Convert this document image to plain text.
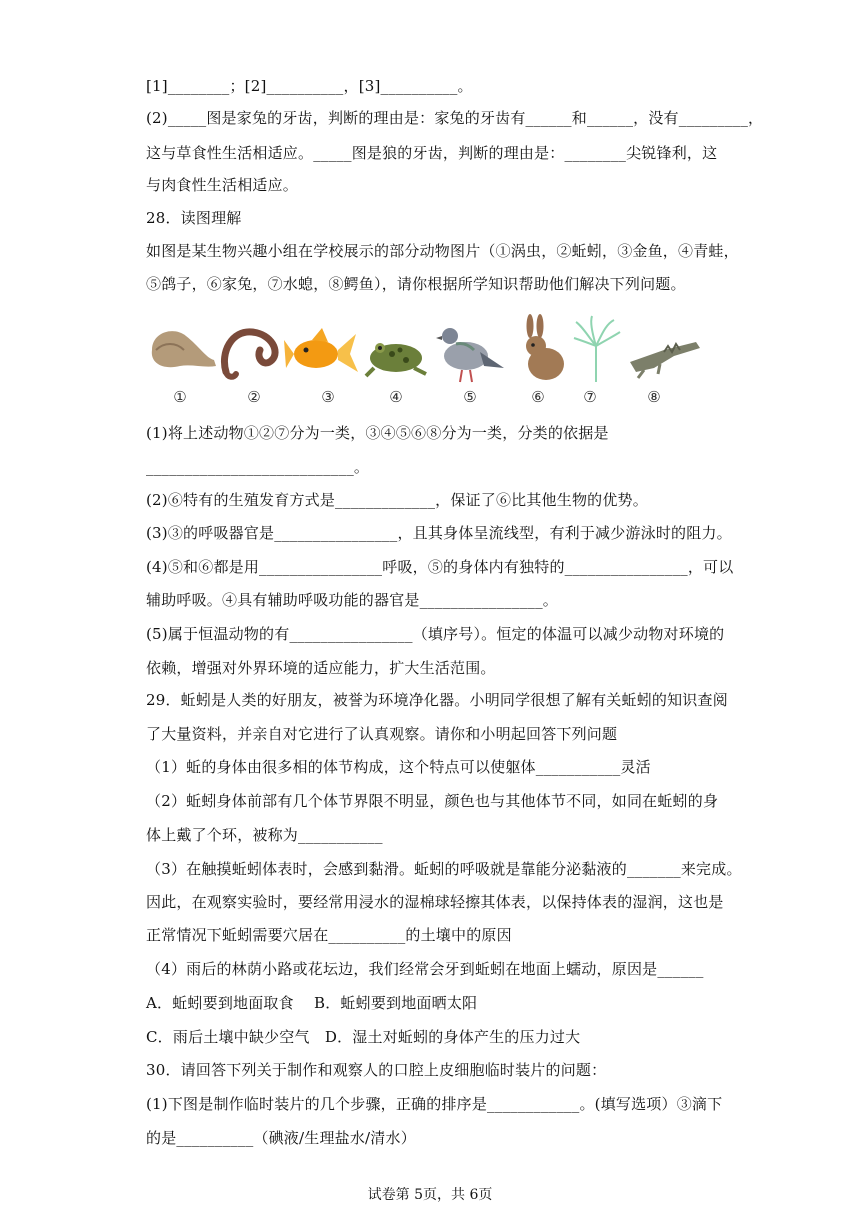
[1]________；[2]__________，[3]__________。
(2)_____图是家兔的牙齿，判断的理由是：家兔的牙齿有______和______，没有_________，
这与草食性生活相适应。_____图是狼的牙齿，判断的理由是：________尖锐锋利，这
与肉食性生活相适应。
28．读图理解
如图是某生物兴趣小组在学校展示的部分动物图片（①涡虫，②蚯蚓，③金鱼，④青蛙，
⑤鸽子，⑥家兔，⑦水螅，⑧鳄鱼），请你根据所学知识帮助他们解决下列问题。
①	②	③	④	⑤	⑥	⑦	⑧
(1)将上述动物①②⑦分为一类，③④⑤⑥⑧分为一类，分类的依据是
___________________________。
(2)⑥特有的生殖发育方式是_____________，保证了⑥比其他生物的优势。
(3)③的呼吸器官是________________，且其身体呈流线型，有利于减少游泳时的阻力。
(4)⑤和⑥都是用________________呼吸，⑤的身体内有独特的________________，可以
辅助呼吸。④具有辅助呼吸功能的器官是________________。
(5)属于恒温动物的有________________（填序号）。恒定的体温可以减少动物对环境的
依赖，增强对外界环境的适应能力，扩大生活范围。
29．蚯蚓是人类的好朋友，被誉为环境净化器。小明同学很想了解有关蚯蚓的知识查阅
了大量资料，并亲自对它进行了认真观察。请你和小明起回答下列问题
（1）蚯的身体由很多相的体节构成，这个特点可以使躯体___________灵活
（2）蚯蚓身体前部有几个体节界限不明显，颜色也与其他体节不同，如同在蚯蚓的身
体上戴了个环，被称为___________
（3）在触摸蚯蚓体表时，会感到黏滑。蚯蚓的呼吸就是靠能分泌黏液的_______来完成。
因此，在观察实验时，要经常用浸水的湿棉球轻擦其体表，以保持体表的湿润，这也是
正常情况下蚯蚓需要穴居在__________的土壤中的原因
（4）雨后的林荫小路或花坛边，我们经常会牙到蚯蚓在地面上蠕动，原因是______
A．蚯蚓要到地面取食　 B．蚯蚓要到地面晒太阳
C．雨后土壤中缺少空气　D．湿土对蚯蚓的身体产生的压力过大
30．请回答下列关于制作和观察人的口腔上皮细胞临时装片的问题：
(1)下图是制作临时装片的几个步骤，正确的排序是____________。(填写选项）③滴下
的是__________（碘液/生理盐水/清水）
试卷第 5页，共 6页
